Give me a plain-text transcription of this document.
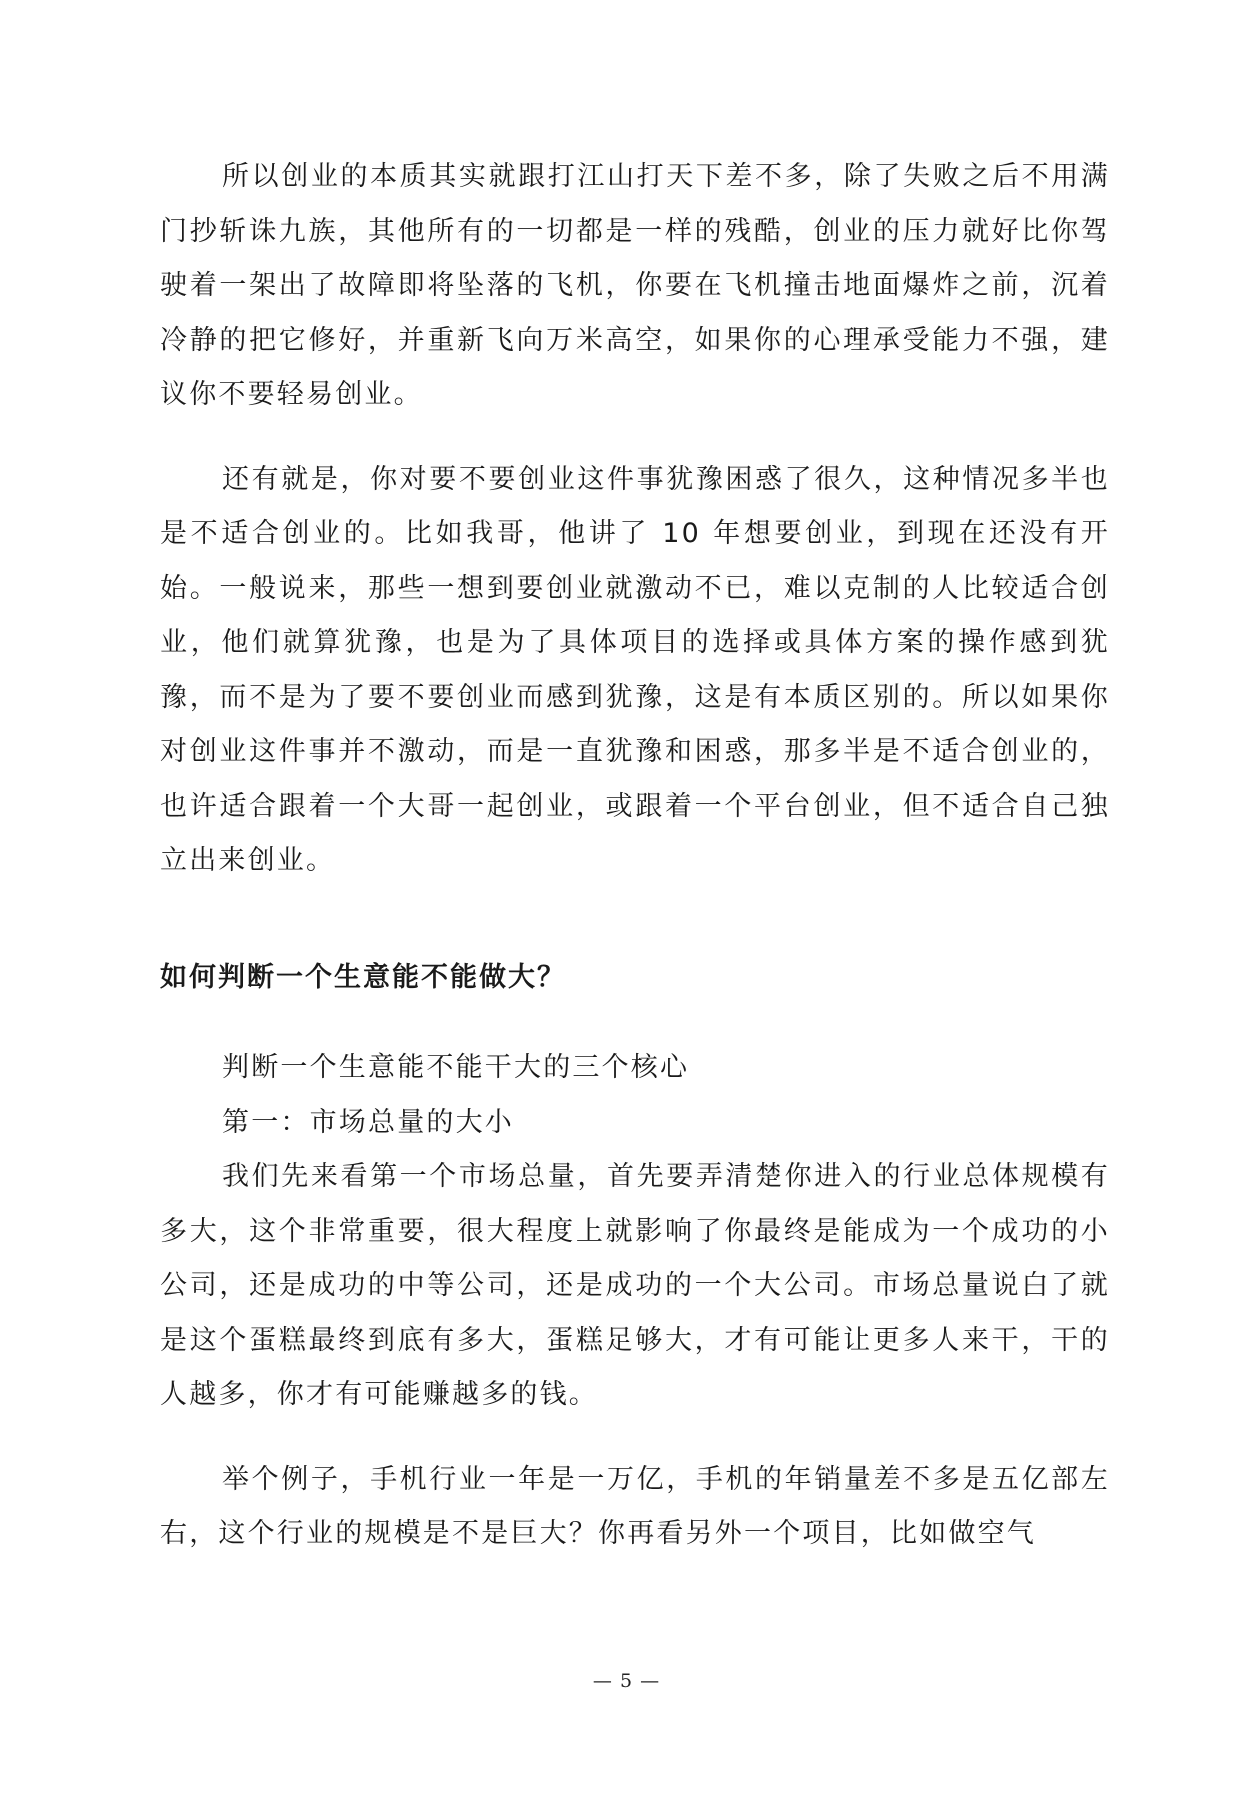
所以创业的本质其实就跟打江山打天下差不多，除了失败之后不用满门抄斩诛九族，其他所有的一切都是一样的残酷，创业的压力就好比你驾驶着一架出了故障即将坠落的飞机，你要在飞机撞击地面爆炸之前，沉着冷静的把它修好，并重新飞向万米高空，如果你的心理承受能力不强，建议你不要轻易创业。

还有就是，你对要不要创业这件事犹豫困惑了很久，这种情况多半也是不适合创业的。比如我哥，他讲了 10 年想要创业，到现在还没有开始。一般说来，那些一想到要创业就激动不已，难以克制的人比较适合创业，他们就算犹豫，也是为了具体项目的选择或具体方案的操作感到犹豫，而不是为了要不要创业而感到犹豫，这是有本质区别的。所以如果你对创业这件事并不激动，而是一直犹豫和困惑，那多半是不适合创业的，也许适合跟着一个大哥一起创业，或跟着一个平台创业，但不适合自己独立出来创业。

如何判断一个生意能不能做大？

判断一个生意能不能干大的三个核心

第一：市场总量的大小

我们先来看第一个市场总量，首先要弄清楚你进入的行业总体规模有多大，这个非常重要，很大程度上就影响了你最终是能成为一个成功的小公司，还是成功的中等公司，还是成功的一个大公司。市场总量说白了就是这个蛋糕最终到底有多大，蛋糕足够大，才有可能让更多人来干，干的人越多，你才有可能赚越多的钱。

举个例子，手机行业一年是一万亿，手机的年销量差不多是五亿部左右，这个行业的规模是不是巨大？你再看另外一个项目，比如做空气

— 5 —
